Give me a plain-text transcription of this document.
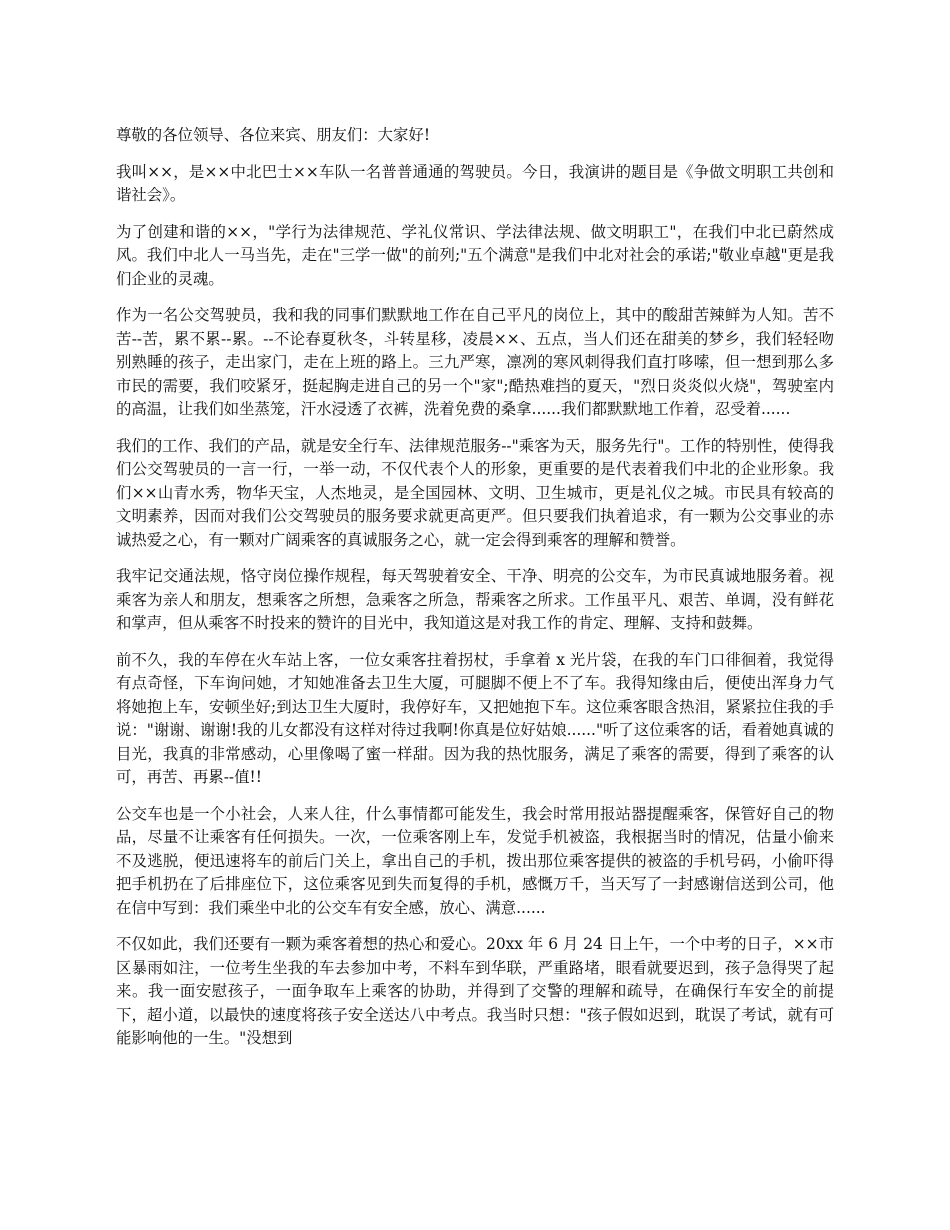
尊敬的各位领导、各位来宾、朋友们：大家好!

我叫××，是××中北巴士××车队一名普普通通的驾驶员。今日，我演讲的题目是《争做文明职工共创和谐社会》。

为了创建和谐的××，"学行为法律规范、学礼仪常识、学法律法规、做文明职工"，在我们中北已蔚然成风。我们中北人一马当先，走在"三学一做"的前列;"五个满意"是我们中北对社会的承诺;"敬业卓越"更是我们企业的灵魂。

作为一名公交驾驶员，我和我的同事们默默地工作在自己平凡的岗位上，其中的酸甜苦辣鲜为人知。苦不苦--苦，累不累--累。--不论春夏秋冬，斗转星移，凌晨××、五点，当人们还在甜美的梦乡，我们轻轻吻别熟睡的孩子，走出家门，走在上班的路上。三九严寒，凛冽的寒风刺得我们直打哆嗦，但一想到那么多市民的需要，我们咬紧牙，挺起胸走进自己的另一个"家";酷热难挡的夏天，"烈日炎炎似火烧"，驾驶室内的高温，让我们如坐蒸笼，汗水浸透了衣裤，洗着免费的桑拿......我们都默默地工作着，忍受着......

我们的工作、我们的产品，就是安全行车、法律规范服务--"乘客为天，服务先行"。工作的特别性，使得我们公交驾驶员的一言一行，一举一动，不仅代表个人的形象，更重要的是代表着我们中北的企业形象。我们××山青水秀，物华天宝，人杰地灵，是全国园林、文明、卫生城市，更是礼仪之城。市民具有较高的文明素养，因而对我们公交驾驶员的服务要求就更高更严。但只要我们执着追求，有一颗为公交事业的赤诚热爱之心，有一颗对广阔乘客的真诚服务之心，就一定会得到乘客的理解和赞誉。

我牢记交通法规，恪守岗位操作规程，每天驾驶着安全、干净、明亮的公交车，为市民真诚地服务着。视乘客为亲人和朋友，想乘客之所想，急乘客之所急，帮乘客之所求。工作虽平凡、艰苦、单调，没有鲜花和掌声，但从乘客不时投来的赞许的目光中，我知道这是对我工作的肯定、理解、支持和鼓舞。

前不久，我的车停在火车站上客，一位女乘客拄着拐杖，手拿着 x 光片袋，在我的车门口徘徊着，我觉得有点奇怪，下车询问她，才知她准备去卫生大厦，可腿脚不便上不了车。我得知缘由后，便使出浑身力气将她抱上车，安顿坐好;到达卫生大厦时，我停好车，又把她抱下车。这位乘客眼含热泪，紧紧拉住我的手说："谢谢、谢谢!我的儿女都没有这样对待过我啊!你真是位好姑娘......"听了这位乘客的话，看着她真诚的目光，我真的非常感动，心里像喝了蜜一样甜。因为我的热忱服务，满足了乘客的需要，得到了乘客的认可，再苦、再累--值!!

公交车也是一个小社会，人来人往，什么事情都可能发生，我会时常用报站器提醒乘客，保管好自己的物品，尽量不让乘客有任何损失。一次，一位乘客刚上车，发觉手机被盗，我根据当时的情况，估量小偷来不及逃脱，便迅速将车的前后门关上，拿出自己的手机，拨出那位乘客提供的被盗的手机号码，小偷吓得把手机扔在了后排座位下，这位乘客见到失而复得的手机，感慨万千，当天写了一封感谢信送到公司，他在信中写到：我们乘坐中北的公交车有安全感，放心、满意......

不仅如此，我们还要有一颗为乘客着想的热心和爱心。20xx 年 6 月 24 日上午，一个中考的日子，××市区暴雨如注，一位考生坐我的车去参加中考，不料车到华联，严重路堵，眼看就要迟到，孩子急得哭了起来。我一面安慰孩子，一面争取车上乘客的协助，并得到了交警的理解和疏导，在确保行车安全的前提下，超小道，以最快的速度将孩子安全送达八中考点。我当时只想："孩子假如迟到，耽误了考试，就有可能影响他的一生。"没想到
